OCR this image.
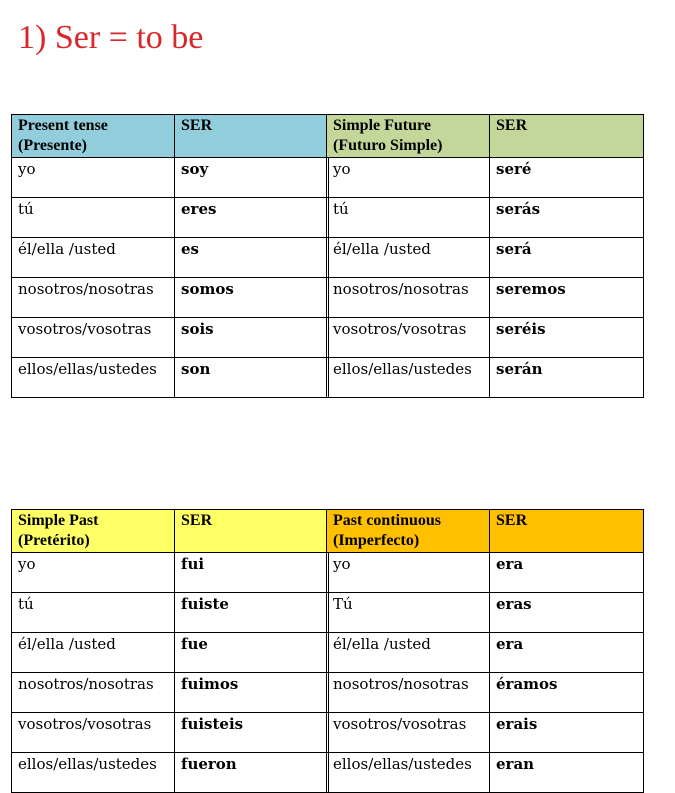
1) Ser = to be
Present tense (Presente)	SER
yo	soy
tú	eres
él/ella /usted	es
nosotros/nosotras	somos
vosotros/vosotras	sois
ellos/ellas/ustedes	son
Simple Future (Futuro Simple)	SER
yo	seré
tú	serás
él/ella /usted	será
nosotros/nosotras	seremos
vosotros/vosotras	seréis
ellos/ellas/ustedes	serán
Simple Past (Pretérito)	SER
yo	fui
tú	fuiste
él/ella /usted	fue
nosotros/nosotras	fuimos
vosotros/vosotras	fuisteis
ellos/ellas/ustedes	fueron
Past continuous (Imperfecto)	SER
yo	era
Tú	eras
él/ella /usted	era
nosotros/nosotras	éramos
vosotros/vosotras	erais
ellos/ellas/ustedes	eran
